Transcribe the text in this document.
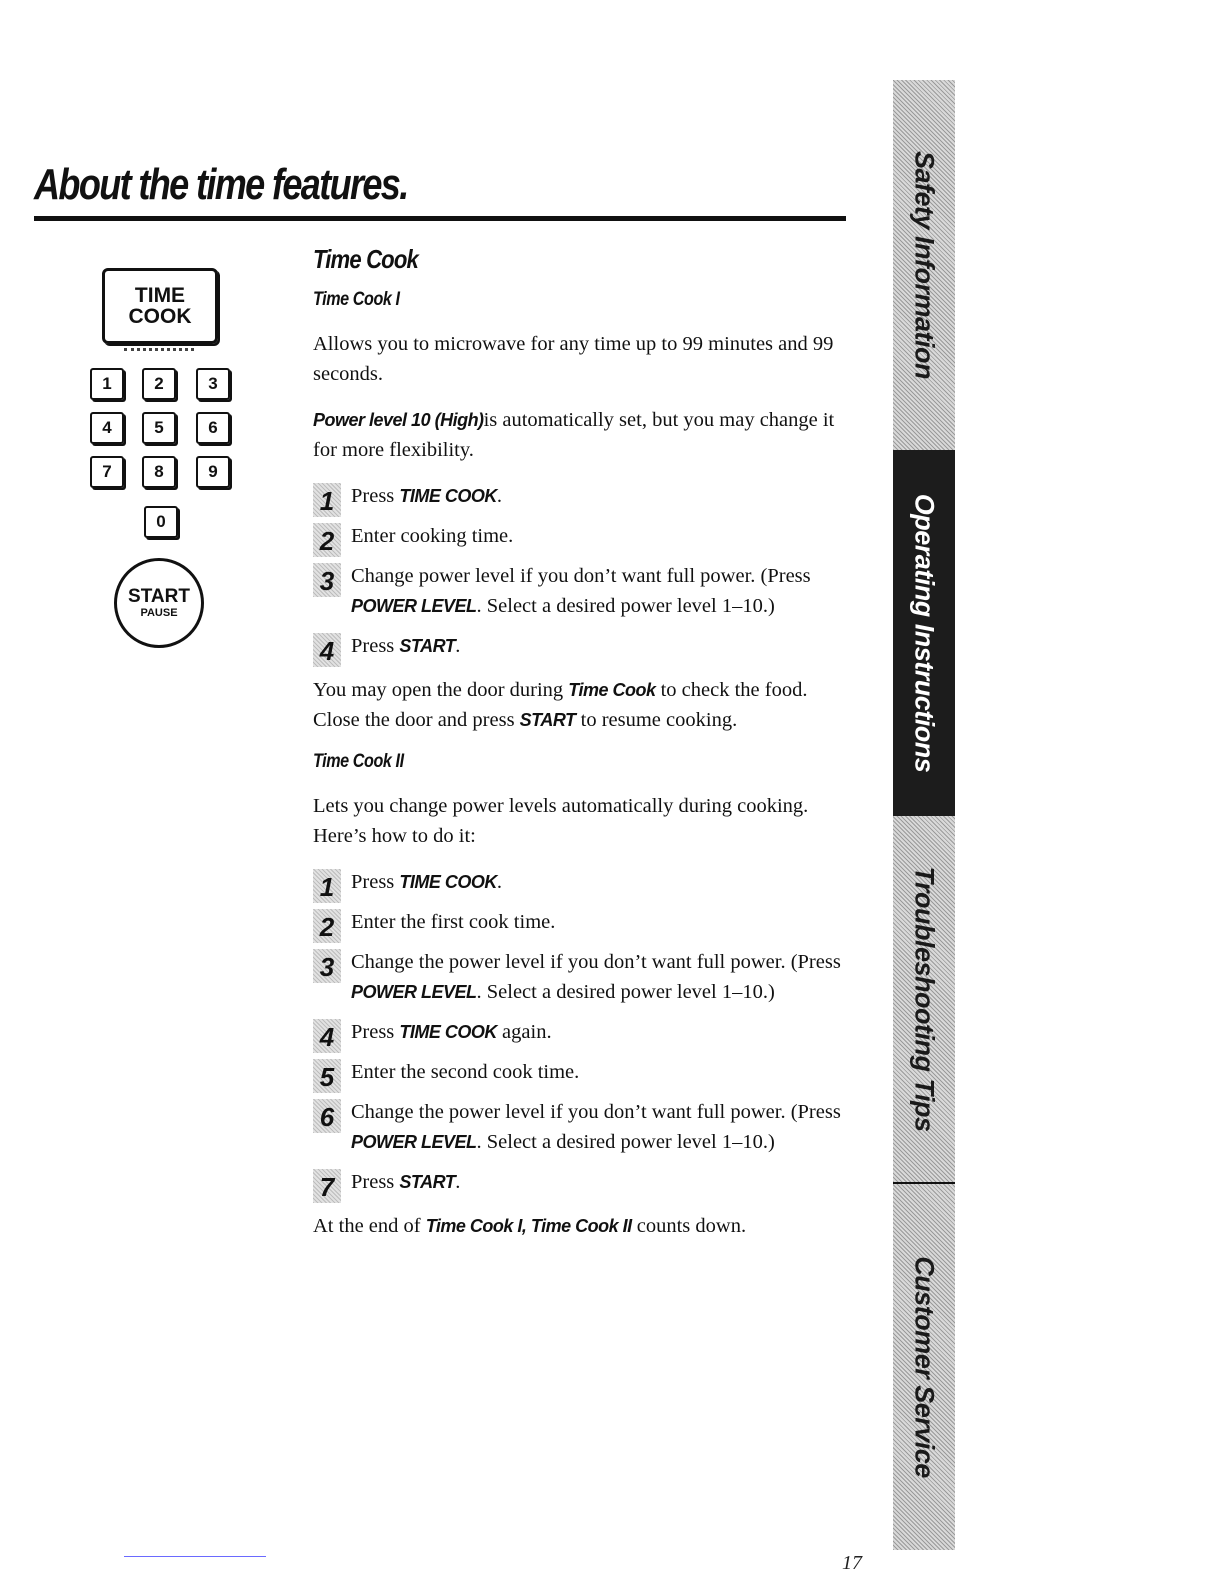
About the time features.
TIME
COOK
1	2	3
4	5	6
7	8	9
0
START
PAUSE
Time Cook
Time Cook I

Allows you to microwave for any time up to 99 minutes and 99 seconds.

Power level 10 (High)is automatically set, but you may change it for more flexibility.

1 Press TIME COOK.
2 Enter cooking time.
3 Change power level if you don’t want full power. (Press POWER LEVEL. Select a desired power level 1–10.)
4 Press START.

You may open the door during Time Cook to check the food. Close the door and press START to resume cooking.

Time Cook II

Lets you change power levels automatically during cooking. Here’s how to do it:

1 Press TIME COOK.
2 Enter the first cook time.
3 Change the power level if you don’t want full power. (Press POWER LEVEL. Select a desired power level 1–10.)
4 Press TIME COOK again.
5 Enter the second cook time.
6 Change the power level if you don’t want full power. (Press POWER LEVEL. Select a desired power level 1–10.)
7 Press START.

At the end of Time Cook I, Time Cook II counts down.

Safety Information
Operating Instructions
Troubleshooting Tips
Customer Service
17
